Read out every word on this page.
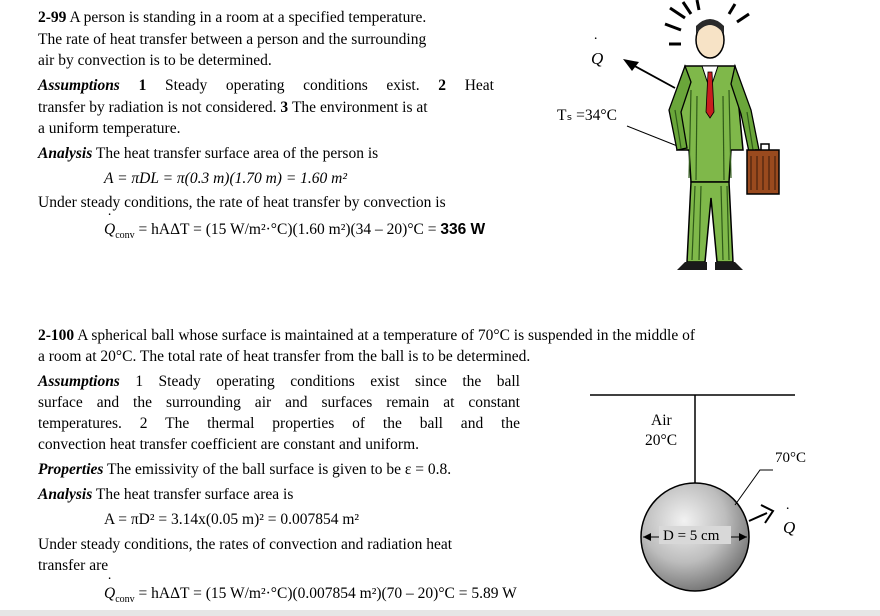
2-99 A person is standing in a room at a specified temperature.
The rate of heat transfer between a person and the surrounding
air by convection is to be determined.
Assumptions 1 Steady operating conditions exist. 2 Heat
transfer by radiation is not considered. 3 The environment is at
a uniform temperature.
Analysis The heat transfer surface area of the person is
A = πDL = π(0.3 m)(1.70 m) = 1.60 m²
Under steady conditions, the rate of heat transfer by convection is
˙ $Q_{conv} = hA\Delta T = (15$ W/m²·°C)(1.60 m²)(34 – 20)°C = 336 W
Q
˙
Tₛ =34°C
2-100 A spherical ball whose surface is maintained at a temperature of 70°C is suspended in the middle of
a room at 20°C. The total rate of heat transfer from the ball is to be determined.
Assumptions 1 Steady operating conditions exist since the ball
surface and the surrounding air and surfaces remain at constant
temperatures. 2 The thermal properties of the ball and the
convection heat transfer coefficient are constant and uniform.
Properties The emissivity of the ball surface is given to be ε = 0.8.
Analysis The heat transfer surface area is
A = πD² = 3.14x(0.05 m)² = 0.007854 m²
Under steady conditions, the rates of convection and radiation heat
transfer are
˙ $Q_{conv} = hA\Delta T = (15$ W/m²·°C)(0.007854 m²)(70 – 20)°C = 5.89 W
Air
20°C
D = 5 cm
70°C
Q
˙
